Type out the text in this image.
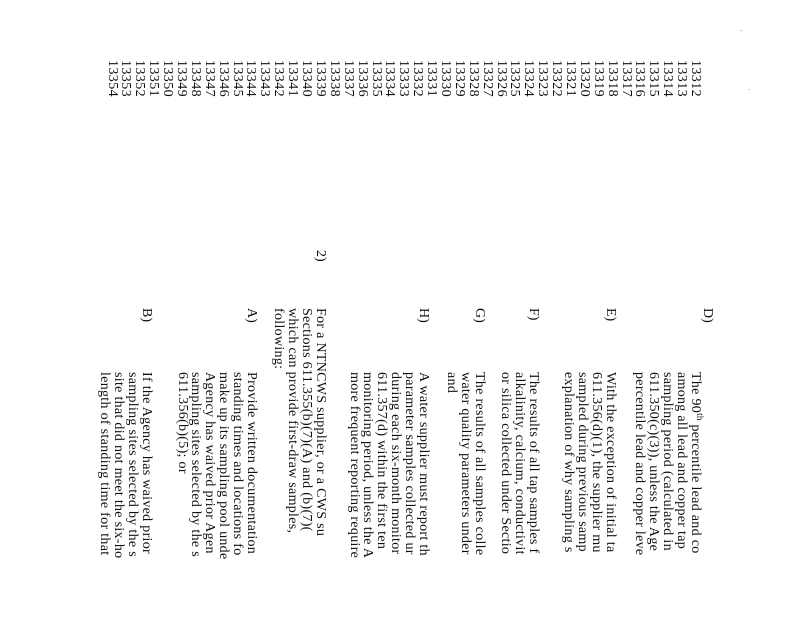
'
·
13312
13313
13314
13315
13316
13317
13318
13319
13320
13321
13322
13323
13324
13325
13326
13327
13328
13329
13330
13331
13332
13333
13334
13335
13336
13337
13338
13339
13340
13341
13342
13343
13344
13345
13346
13347
13348
13349
13350
13351
13352
13353
13354
D)
The 90th percentile lead and co
among all lead and copper tap
sampling period (calculated in
611.350(c)(3)), unless the Age
percentile lead and copper leve
E)
With the exception of initial ta
611.356(d)(1), the supplier mu
sampled during previous samp
explanation of why sampling s
F)
The results of all tap samples f
alkalinity, calcium, conductivit
or silica collected under Sectio
G)
The results of all samples colle
water quality parameters under
and
H)
A water supplier must report th
parameter samples collected ur
during each six-month monitor
611.357(d) within the first ten
monitoring period, unless the A
more frequent reporting require
2)
For a NTNCWS supplier, or a CWS su
Sections 611.355(b)(7)(A) and (b)(7)(
which can provide first-draw samples,
following:
A)
Provide written documentation
standing times and locations fo
make up its sampling pool unde
Agency has waived prior Agen
sampling sites selected by the s
611.356(b)(5); or
B)
If the Agency has waived prior
sampling sites selected by the s
site that did not meet the six-ho
length of standing time for that
